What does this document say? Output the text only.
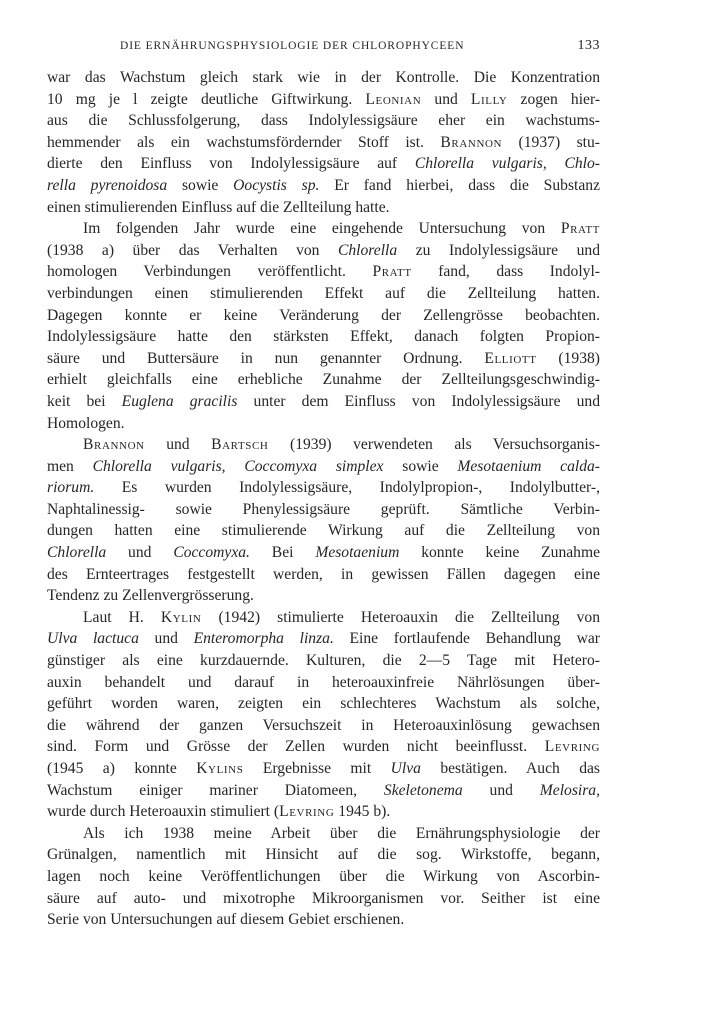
DIE ERNÄHRUNGSPHYSIOLOGIE DER CHLOROPHYCEEN	133
war das Wachstum gleich stark wie in der Kontrolle. Die Konzentration
10 mg je l zeigte deutliche Giftwirkung. Leonian und Lilly zogen hier-
aus die Schlussfolgerung, dass Indolylessigsäure eher ein wachstums-
hemmender als ein wachstumsfördernder Stoff ist. Brannon (1937) stu-
dierte den Einfluss von Indolylessigsäure auf Chlorella vulgaris, Chlo-
rella pyrenoidosa sowie Oocystis sp. Er fand hierbei, dass die Substanz
einen stimulierenden Einfluss auf die Zellteilung hatte.
Im folgenden Jahr wurde eine eingehende Untersuchung von Pratt
(1938 a) über das Verhalten von Chlorella zu Indolylessigsäure und
homologen Verbindungen veröffentlicht. Pratt fand, dass Indolyl-
verbindungen einen stimulierenden Effekt auf die Zellteilung hatten.
Dagegen konnte er keine Veränderung der Zellengrösse beobachten.
Indolylessigsäure hatte den stärksten Effekt, danach folgten Propion-
säure und Buttersäure in nun genannter Ordnung. Elliott (1938)
erhielt gleichfalls eine erhebliche Zunahme der Zellteilungsgeschwindig-
keit bei Euglena gracilis unter dem Einfluss von Indolylessigsäure und
Homologen.
Brannon und Bartsch (1939) verwendeten als Versuchsorganis-
men Chlorella vulgaris, Coccomyxa simplex sowie Mesotaenium calda-
riorum. Es wurden Indolylessigsäure, Indolylpropion-, Indolylbutter-,
Naphtalinessig- sowie Phenylessigsäure geprüft. Sämtliche Verbin-
dungen hatten eine stimulierende Wirkung auf die Zellteilung von
Chlorella und Coccomyxa. Bei Mesotaenium konnte keine Zunahme
des Ernteertrages festgestellt werden, in gewissen Fällen dagegen eine
Tendenz zu Zellenvergrösserung.
Laut H. Kylin (1942) stimulierte Heteroauxin die Zellteilung von
Ulva lactuca und Enteromorpha linza. Eine fortlaufende Behandlung war
günstiger als eine kurzdauernde. Kulturen, die 2—5 Tage mit Hetero-
auxin behandelt und darauf in heteroauxinfreie Nährlösungen über-
geführt worden waren, zeigten ein schlechteres Wachstum als solche,
die während der ganzen Versuchszeit in Heteroauxinlösung gewachsen
sind. Form und Grösse der Zellen wurden nicht beeinflusst. Levring
(1945 a) konnte Kylins Ergebnisse mit Ulva bestätigen. Auch das
Wachstum einiger mariner Diatomeen, Skeletonema und Melosira,
wurde durch Heteroauxin stimuliert (Levring 1945 b).
Als ich 1938 meine Arbeit über die Ernährungsphysiologie der
Grünalgen, namentlich mit Hinsicht auf die sog. Wirkstoffe, begann,
lagen noch keine Veröffentlichungen über die Wirkung von Ascorbin-
säure auf auto- und mixotrophe Mikroorganismen vor. Seither ist eine
Serie von Untersuchungen auf diesem Gebiet erschienen.
